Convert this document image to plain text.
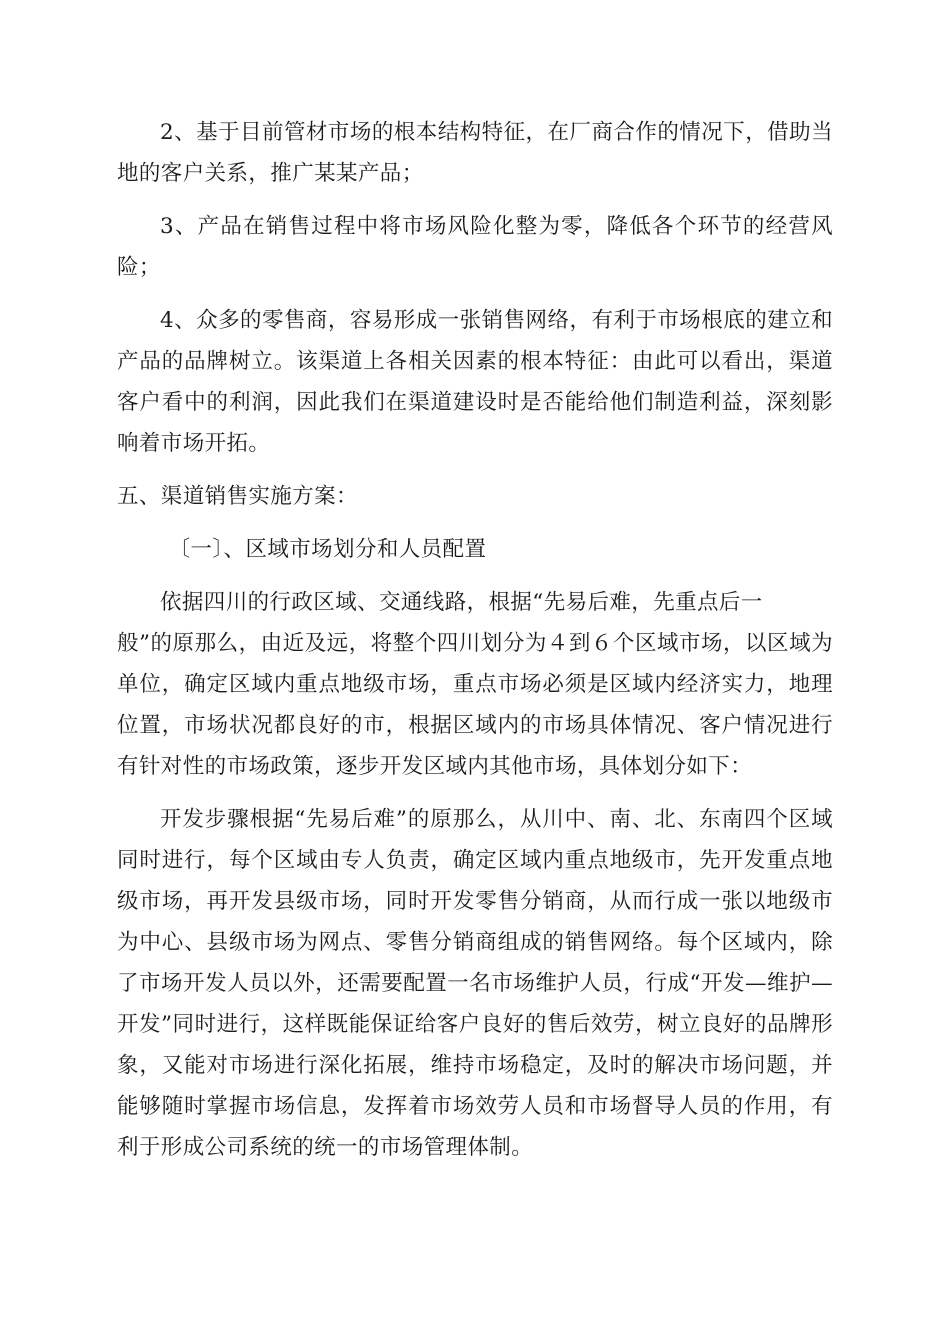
2、基于目前管材市场的根本结构特征，在厂商合作的情况下，借助当地的客户关系，推广某某产品；

3、产品在销售过程中将市场风险化整为零，降低各个环节的经营风险；

4、众多的零售商，容易形成一张销售网络，有利于市场根底的建立和产品的品牌树立。该渠道上各相关因素的根本特征：由此可以看出，渠道客户看中的利润，因此我们在渠道建设时是否能给他们制造利益，深刻影响着市场开拓。

五、渠道销售实施方案：

〔一〕、区域市场划分和人员配置

依据四川的行政区域、交通线路，根据“先易后难，先重点后一
般”的原那么，由近及远，将整个四川划分为４到６个区域市场，以区域为单位，确定区域内重点地级市场，重点市场必须是区域内经济实力，地理位置，市场状况都良好的市，根据区域内的市场具体情况、客户情况进行有针对性的市场政策，逐步开发区域内其他市场，具体划分如下：

开发步骤根据“先易后难”的原那么，从川中、南、北、东南四个区域同时进行，每个区域由专人负责，确定区域内重点地级市，先开发重点地级市场，再开发县级市场，同时开发零售分销商，从而行成一张以地级市为中心、县级市场为网点、零售分销商组成的销售网络。每个区域内，除了市场开发人员以外，还需要配置一名市场维护人员，行成“开发—维护—开发”同时进行，这样既能保证给客户良好的售后效劳，树立良好的品牌形象，又能对市场进行深化拓展，维持市场稳定，及时的解决市场问题，并能够随时掌握市场信息，发挥着市场效劳人员和市场督导人员的作用，有利于形成公司系统的统一的市场管理体制。
